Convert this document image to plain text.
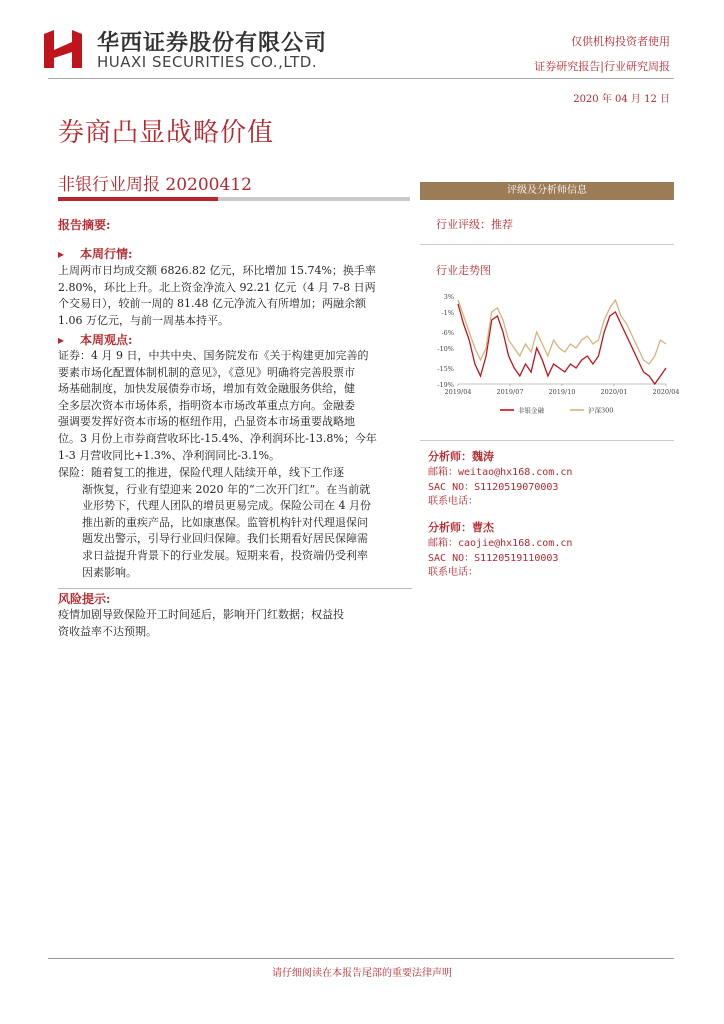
华西证券股份有限公司
HUAXI SECURITIES CO.,LTD.
仅供机构投资者使用
证券研究报告|行业研究周报
2020 年 04 月 12 日
券商凸显战略价值
非银行业周报 20200412
报告摘要:
▸ 本周行情:
上周两市日均成交额 6826.82 亿元，环比增加 15.74%；换手率
2.80%，环比上升。北上资金净流入 92.21 亿元（4 月 7-8 日两
个交易日），较前一周的 81.48 亿元净流入有所增加；两融余额
1.06 万亿元，与前一周基本持平。
▸ 本周观点:
证券：4 月 9 日，中共中央、国务院发布《关于构建更加完善的
要素市场化配置体制机制的意见》，《意见》明确将完善股票市
场基础制度，加快发展债券市场，增加有效金融服务供给，健
全多层次资本市场体系，指明资本市场改革重点方向。金融委
强调要发挥好资本市场的枢纽作用，凸显资本市场重要战略地
位。3 月份上市券商营收环比-15.4%、净利润环比-13.8%；今年
1-3 月营收同比+1.3%、净利润同比-3.1%。
保险：随着复工的推进，保险代理人陆续开单，线下工作逐
渐恢复，行业有望迎来 2020 年的“二次开门红”。在当前就
业形势下，代理人团队的增员更易完成。保险公司在 4 月份
推出新的重疾产品，比如康惠保。监管机构针对代理退保问
题发出警示，引导行业回归保障。我们长期看好居民保障需
求日益提升背景下的行业发展。短期来看，投资端仍受利率
因素影响。
风险提示:
疫情加剧导致保险开工时间延后，影响开门红数据；权益投
资收益率不达预期。
评级及分析师信息
行业评级：推荐
行业走势图
3%
-1%
-6%
-10%
-15%
-19%
2019/04	2019/07	2019/10	2020/01	2020/04
非银金融	沪深300
分析师：魏涛
邮箱：weitao@hx168.com.cn
SAC NO：S1120519070003
联系电话：
分析师：曹杰
邮箱：caojie@hx168.com.cn
SAC NO：S1120519110003
联系电话：
请仔细阅读在本报告尾部的重要法律声明
